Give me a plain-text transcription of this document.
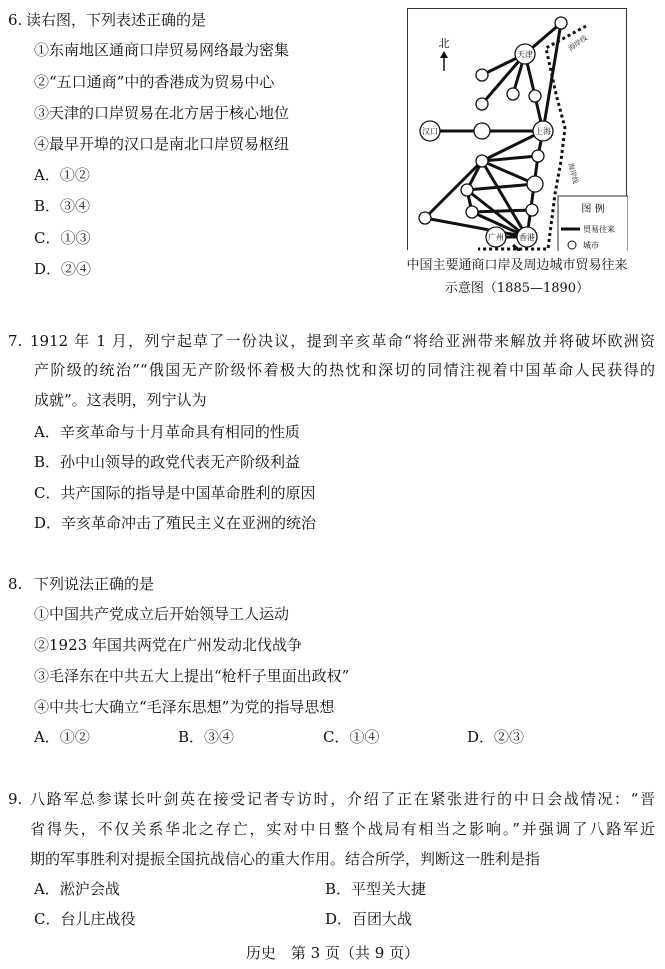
6. 读右图，下列表述正确的是
①东南地区通商口岸贸易网络最为密集
②“五口通商”中的香港成为贸易中心
③天津的口岸贸易在北方居于核心地位
④最早开埠的汉口是南北口岸贸易枢纽
A．①②
B．③④
C．①③
D．②④
天津
汉口	上海
广州 香港
海岸线
海岸线
北
图 例
贸易往来
城市
中国主要通商口岸及周边城市贸易往来
示意图（1885—1890）
7. 1912 年 1 月，列宁起草了一份决议，提到辛亥革命“将给亚洲带来解放并将破坏欧洲资
产阶级的统治”“俄国无产阶级怀着极大的热忱和深切的同情注视着中国革命人民获得的
成就”。这表明，列宁认为
A．辛亥革命与十月革命具有相同的性质
B．孙中山领导的政党代表无产阶级利益
C．共产国际的指导是中国革命胜利的原因
D．辛亥革命冲击了殖民主义在亚洲的统治
8. 下列说法正确的是
①中国共产党成立后开始领导工人运动
②1923 年国共两党在广州发动北伐战争
③毛泽东在中共五大上提出“枪杆子里面出政权”
④中共七大确立“毛泽东思想”为党的指导思想
A．①②	B．③④	C．①④	D．②③
9. 八路军总参谋长叶剑英在接受记者专访时，介绍了正在紧张进行的中日会战情况：“晋
省得失，不仅关系华北之存亡，实对中日整个战局有相当之影响。”并强调了八路军近
期的军事胜利对提振全国抗战信心的重大作用。结合所学，判断这一胜利是指
A．淞沪会战	B．平型关大捷
C．台儿庄战役	D．百团大战
历史　第 3 页（共 9 页）
